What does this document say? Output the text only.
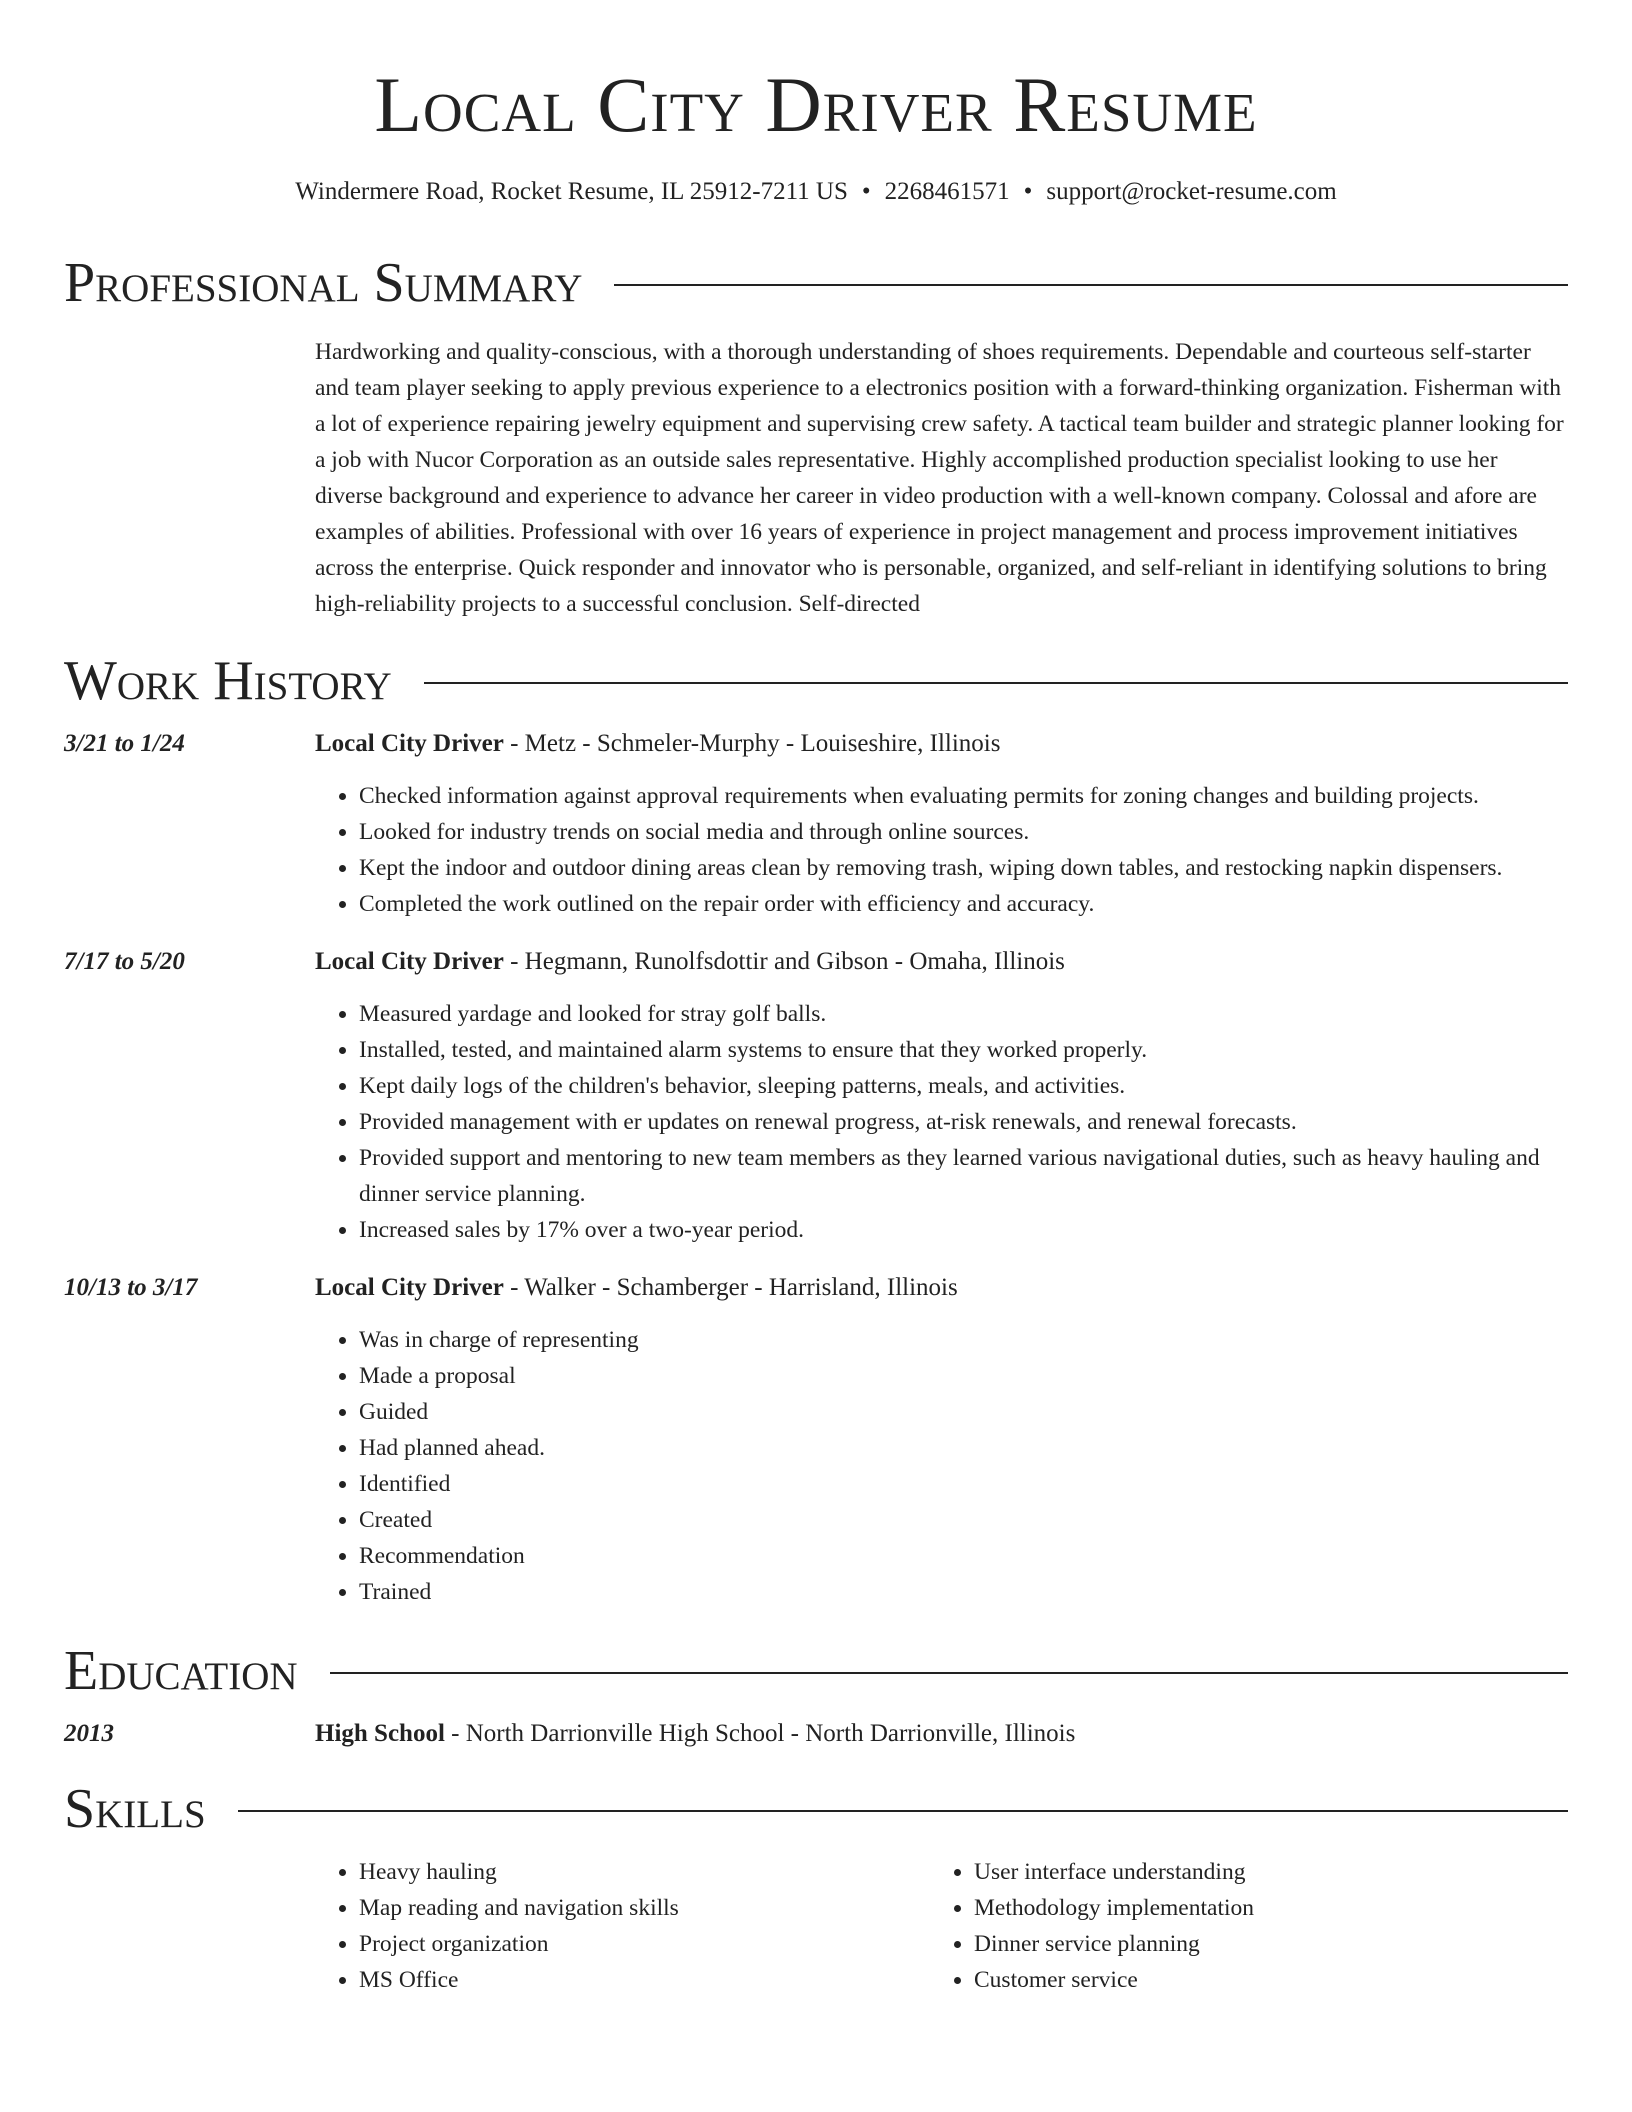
Local City Driver Resume
Windermere Road, Rocket Resume, IL 25912-7211 US • 2268461571 • support@rocket-resume.com
Professional Summary
Hardworking and quality-conscious, with a thorough understanding of shoes requirements. Dependable and courteous self-starter and team player seeking to apply previous experience to a electronics position with a forward-thinking organization. Fisherman with a lot of experience repairing jewelry equipment and supervising crew safety. A tactical team builder and strategic planner looking for a job with Nucor Corporation as an outside sales representative. Highly accomplished production specialist looking to use her diverse background and experience to advance her career in video production with a well-known company. Colossal and afore are examples of abilities. Professional with over 16 years of experience in project management and process improvement initiatives across the enterprise. Quick responder and innovator who is personable, organized, and self-reliant in identifying solutions to bring high-reliability projects to a successful conclusion. Self-directed
Work History
3/21 to 1/24	Local City Driver - Metz - Schmeler-Murphy - Louiseshire, Illinois
• Checked information against approval requirements when evaluating permits for zoning changes and building projects.
• Looked for industry trends on social media and through online sources.
• Kept the indoor and outdoor dining areas clean by removing trash, wiping down tables, and restocking napkin dispensers.
• Completed the work outlined on the repair order with efficiency and accuracy.
7/17 to 5/20	Local City Driver - Hegmann, Runolfsdottir and Gibson - Omaha, Illinois
• Measured yardage and looked for stray golf balls.
• Installed, tested, and maintained alarm systems to ensure that they worked properly.
• Kept daily logs of the children's behavior, sleeping patterns, meals, and activities.
• Provided management with er updates on renewal progress, at-risk renewals, and renewal forecasts.
• Provided support and mentoring to new team members as they learned various navigational duties, such as heavy hauling and dinner service planning.
• Increased sales by 17% over a two-year period.
10/13 to 3/17	Local City Driver - Walker - Schamberger - Harrisland, Illinois
• Was in charge of representing
• Made a proposal
• Guided
• Had planned ahead.
• Identified
• Created
• Recommendation
• Trained
Education
2013	High School - North Darrionville High School - North Darrionville, Illinois
Skills
• Heavy hauling
• Map reading and navigation skills
• Project organization
• MS Office
• User interface understanding
• Methodology implementation
• Dinner service planning
• Customer service
